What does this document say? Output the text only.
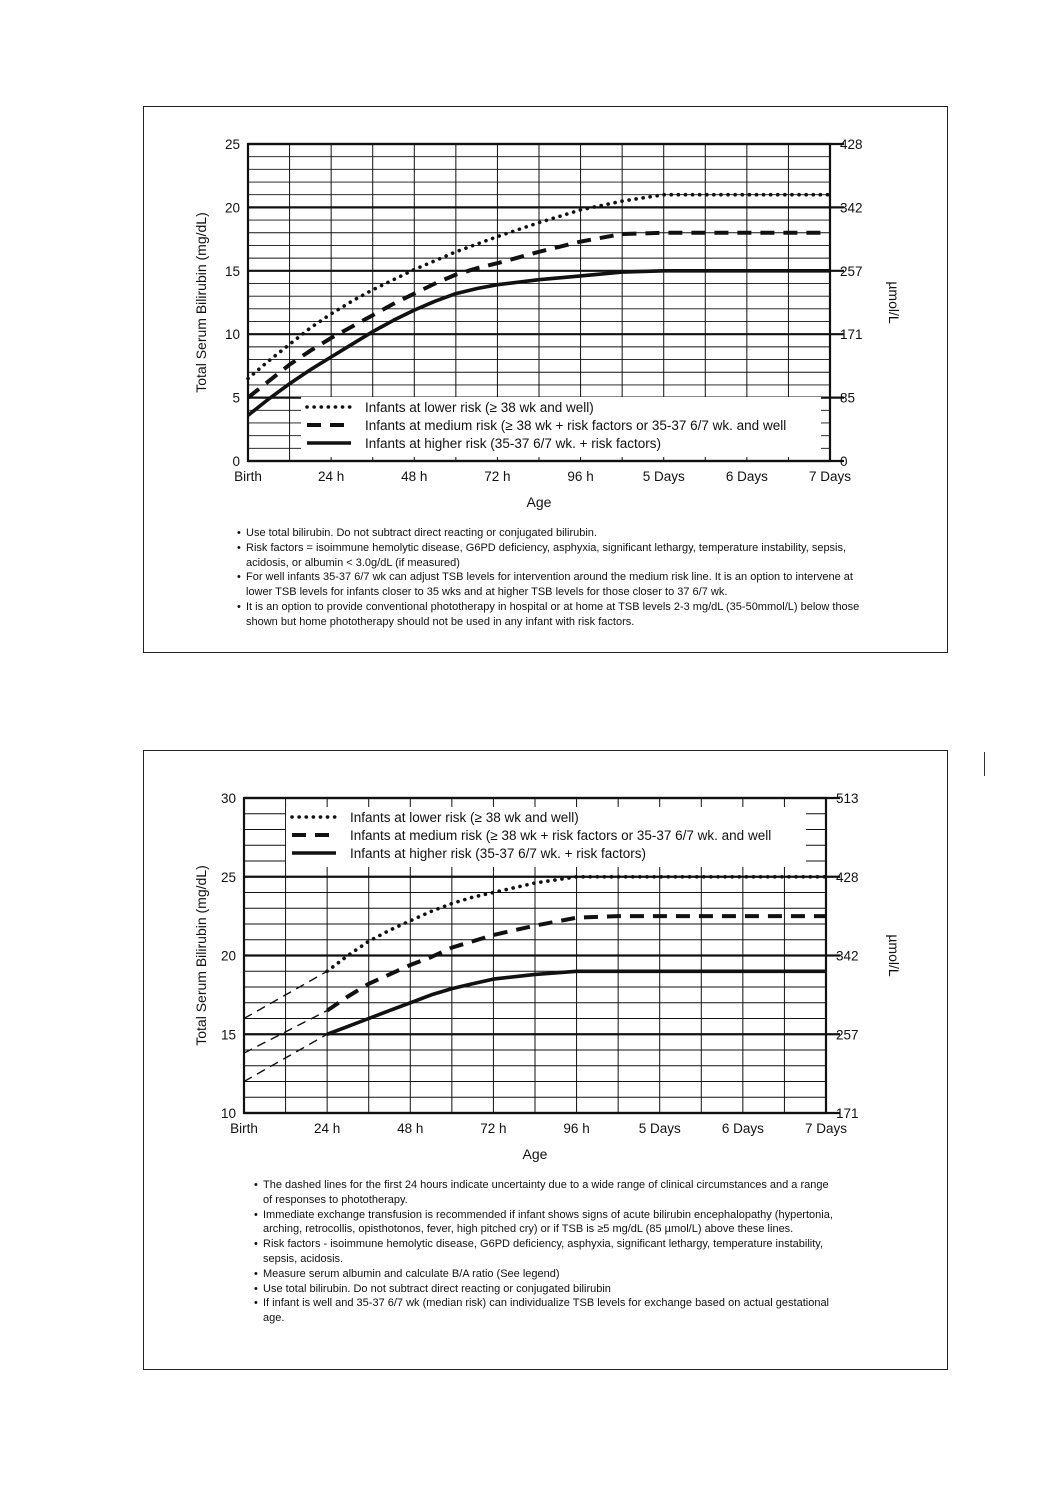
Birth	24 h	48 h	72 h	96 h	5 Days	6 Days	7 Days
0
5
10
15
20
25
0
85
171
257
342
428
Age
Total Serum Bilirubin (mg/dL)	µmol/L
Infants at lower risk (≥ 38 wk and well)
Infants at medium risk (≥ 38 wk + risk factors or 35-37 6/7 wk. and well
Infants at higher risk (35-37 6/7 wk. + risk factors)
• Use total bilirubin. Do not subtract direct reacting or conjugated bilirubin.
• Risk factors = isoimmune hemolytic disease, G6PD deficiency, asphyxia, significant lethargy, temperature instability, sepsis, acidosis, or albumin < 3.0g/dL (if measured)
• For well infants 35-37 6/7 wk can adjust TSB levels for intervention around the medium risk line. It is an option to intervene at lower TSB levels for infants closer to 35 wks and at higher TSB levels for those closer to 37 6/7 wk.
• It is an option to provide conventional phototherapy in hospital or at home at TSB levels 2-3 mg/dL (35-50mmol/L) below those shown but home phototherapy should not be used in any infant with risk factors.
Birth	24 h	48 h	72 h	96 h	5 Days	6 Days	7 Days
10
15
20
25
30
171
257
342
428
513
Age
Total Serum Bilirubin (mg/dL)	µmol/L
Infants at lower risk (≥ 38 wk and well)
Infants at medium risk (≥ 38 wk + risk factors or 35-37 6/7 wk. and well
Infants at higher risk (35-37 6/7 wk. + risk factors)
• The dashed lines for the first 24 hours indicate uncertainty due to a wide range of clinical circumstances and a range of responses to phototherapy.
• Immediate exchange transfusion is recommended if infant shows signs of acute bilirubin encephalopathy (hypertonia, arching, retrocollis, opisthotonos, fever, high pitched cry) or if TSB is ≥5 mg/dL (85 µmol/L) above these lines.
• Risk factors - isoimmune hemolytic disease, G6PD deficiency, asphyxia, significant lethargy, temperature instability, sepsis, acidosis.
• Measure serum albumin and calculate B/A ratio (See legend)
• Use total bilirubin. Do not subtract direct reacting or conjugated bilirubin
• If infant is well and 35-37 6/7 wk (median risk) can individualize TSB levels for exchange based on actual gestational age.
